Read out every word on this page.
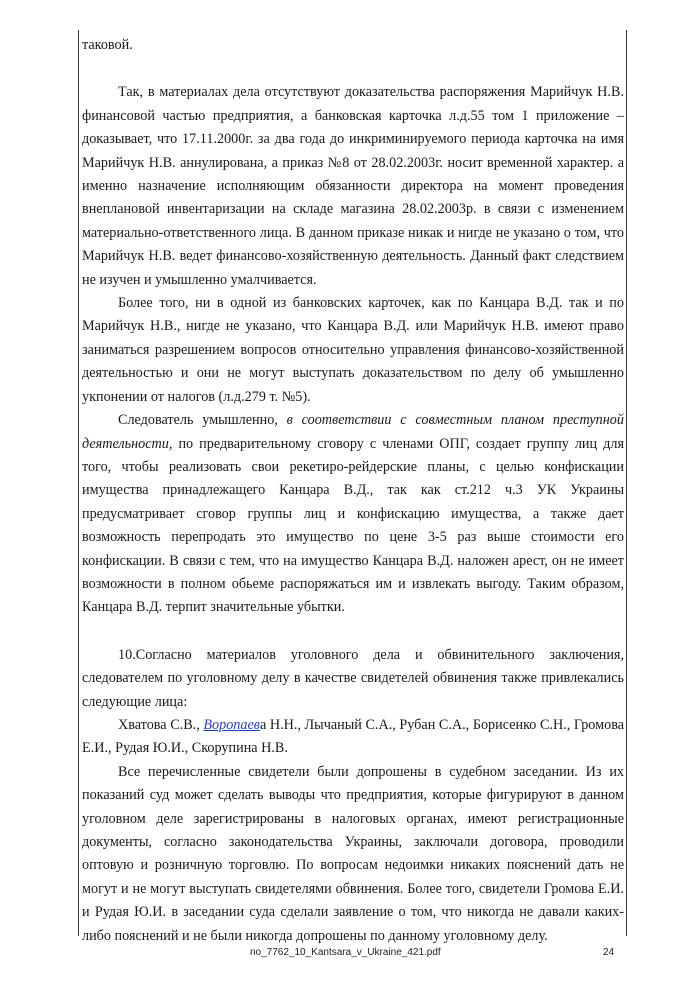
таковой.

Так, в материалах дела отсутствуют доказательства распоряжения Марийчук Н.В. финансовой частью предприятия, а банковская карточка л.д.55 том 1 приложение – доказывает, что 17.11.2000г. за два года до инкриминируемого периода карточка на имя Марийчук Н.В. аннулирована, а приказ №8 от 28.02.2003г. носит временной характер. а именно назначение исполняющим обязанности директора на момент проведения внеплановой инвентаризации на складе магазина 28.02.2003р. в связи с изменением материально-ответственного лица. В данном приказе никак и нигде не указано о том, что Марийчук Н.В. ведет финансово-хозяйственную деятельность. Данный факт следствием не изучен и умышленно умалчивается.

Более того, ни в одной из банковских карточек, как по Канцара В.Д. так и по Марийчук Н.В., нигде не указано, что Канцара В.Д. или Марийчук Н.В. имеют право заниматься разрешением вопросов относительно управления финансово-хозяйственной деятельностью и они не могут выступать доказательством по делу об умышленно укпонении от налогов (л.д.279 т. №5).

Следователь умышленно, в соответствии с совместным планом преступной деятельности, по предварительному сговору с членами ОПГ, создает группу лиц для того, чтобы реализовать свои рекетиро-рейдерские планы, с целью конфискации имущества принадлежащего Канцара В.Д., так как ст.212 ч.3 УК Украины предусматривает сговор группы лиц и конфискацию имущества, а также дает возможность перепродать это имущество по цене 3-5 раз выше стоимости его конфискации. В связи с тем, что на имущество Канцара В.Д. наложен арест, он не имеет возможности в полном обьеме распоряжаться им и извлекать выгоду. Таким образом, Канцара В.Д. терпит значительные убытки.

10.Согласно материалов уголовного дела и обвинительного заключения, следователем по уголовному делу в качестве свидетелей обвинения также привлекались следующие лица:

Хватова С.В., Воропаева Н.Н., Лычаный С.А., Рубан С.А., Борисенко С.Н., Громова Е.И., Рудая Ю.И., Скорупина Н.В.

Все перечисленные свидетели были допрошены в судебном заседании. Из их показаний суд может сделать выводы что предприятия, которые фигурируют в данном уголовном деле зарегистрированы в налоговых органах, имеют регистрационные документы, согласно законодательства Украины, заключали договора, проводили оптовую и розничную торговлю. По вопросам недоимки никаких пояснений дать не могут и не могут выступать свидетелями обвинения. Более того, свидетели Громова Е.И. и Рудая Ю.И. в заседании суда сделали заявление о том, что никогда не давали каких-либо пояснений и не были никогда допрошены по данному уголовному делу.

no_7762_10_Kantsara_v_Ukraine_421.pdf	24
